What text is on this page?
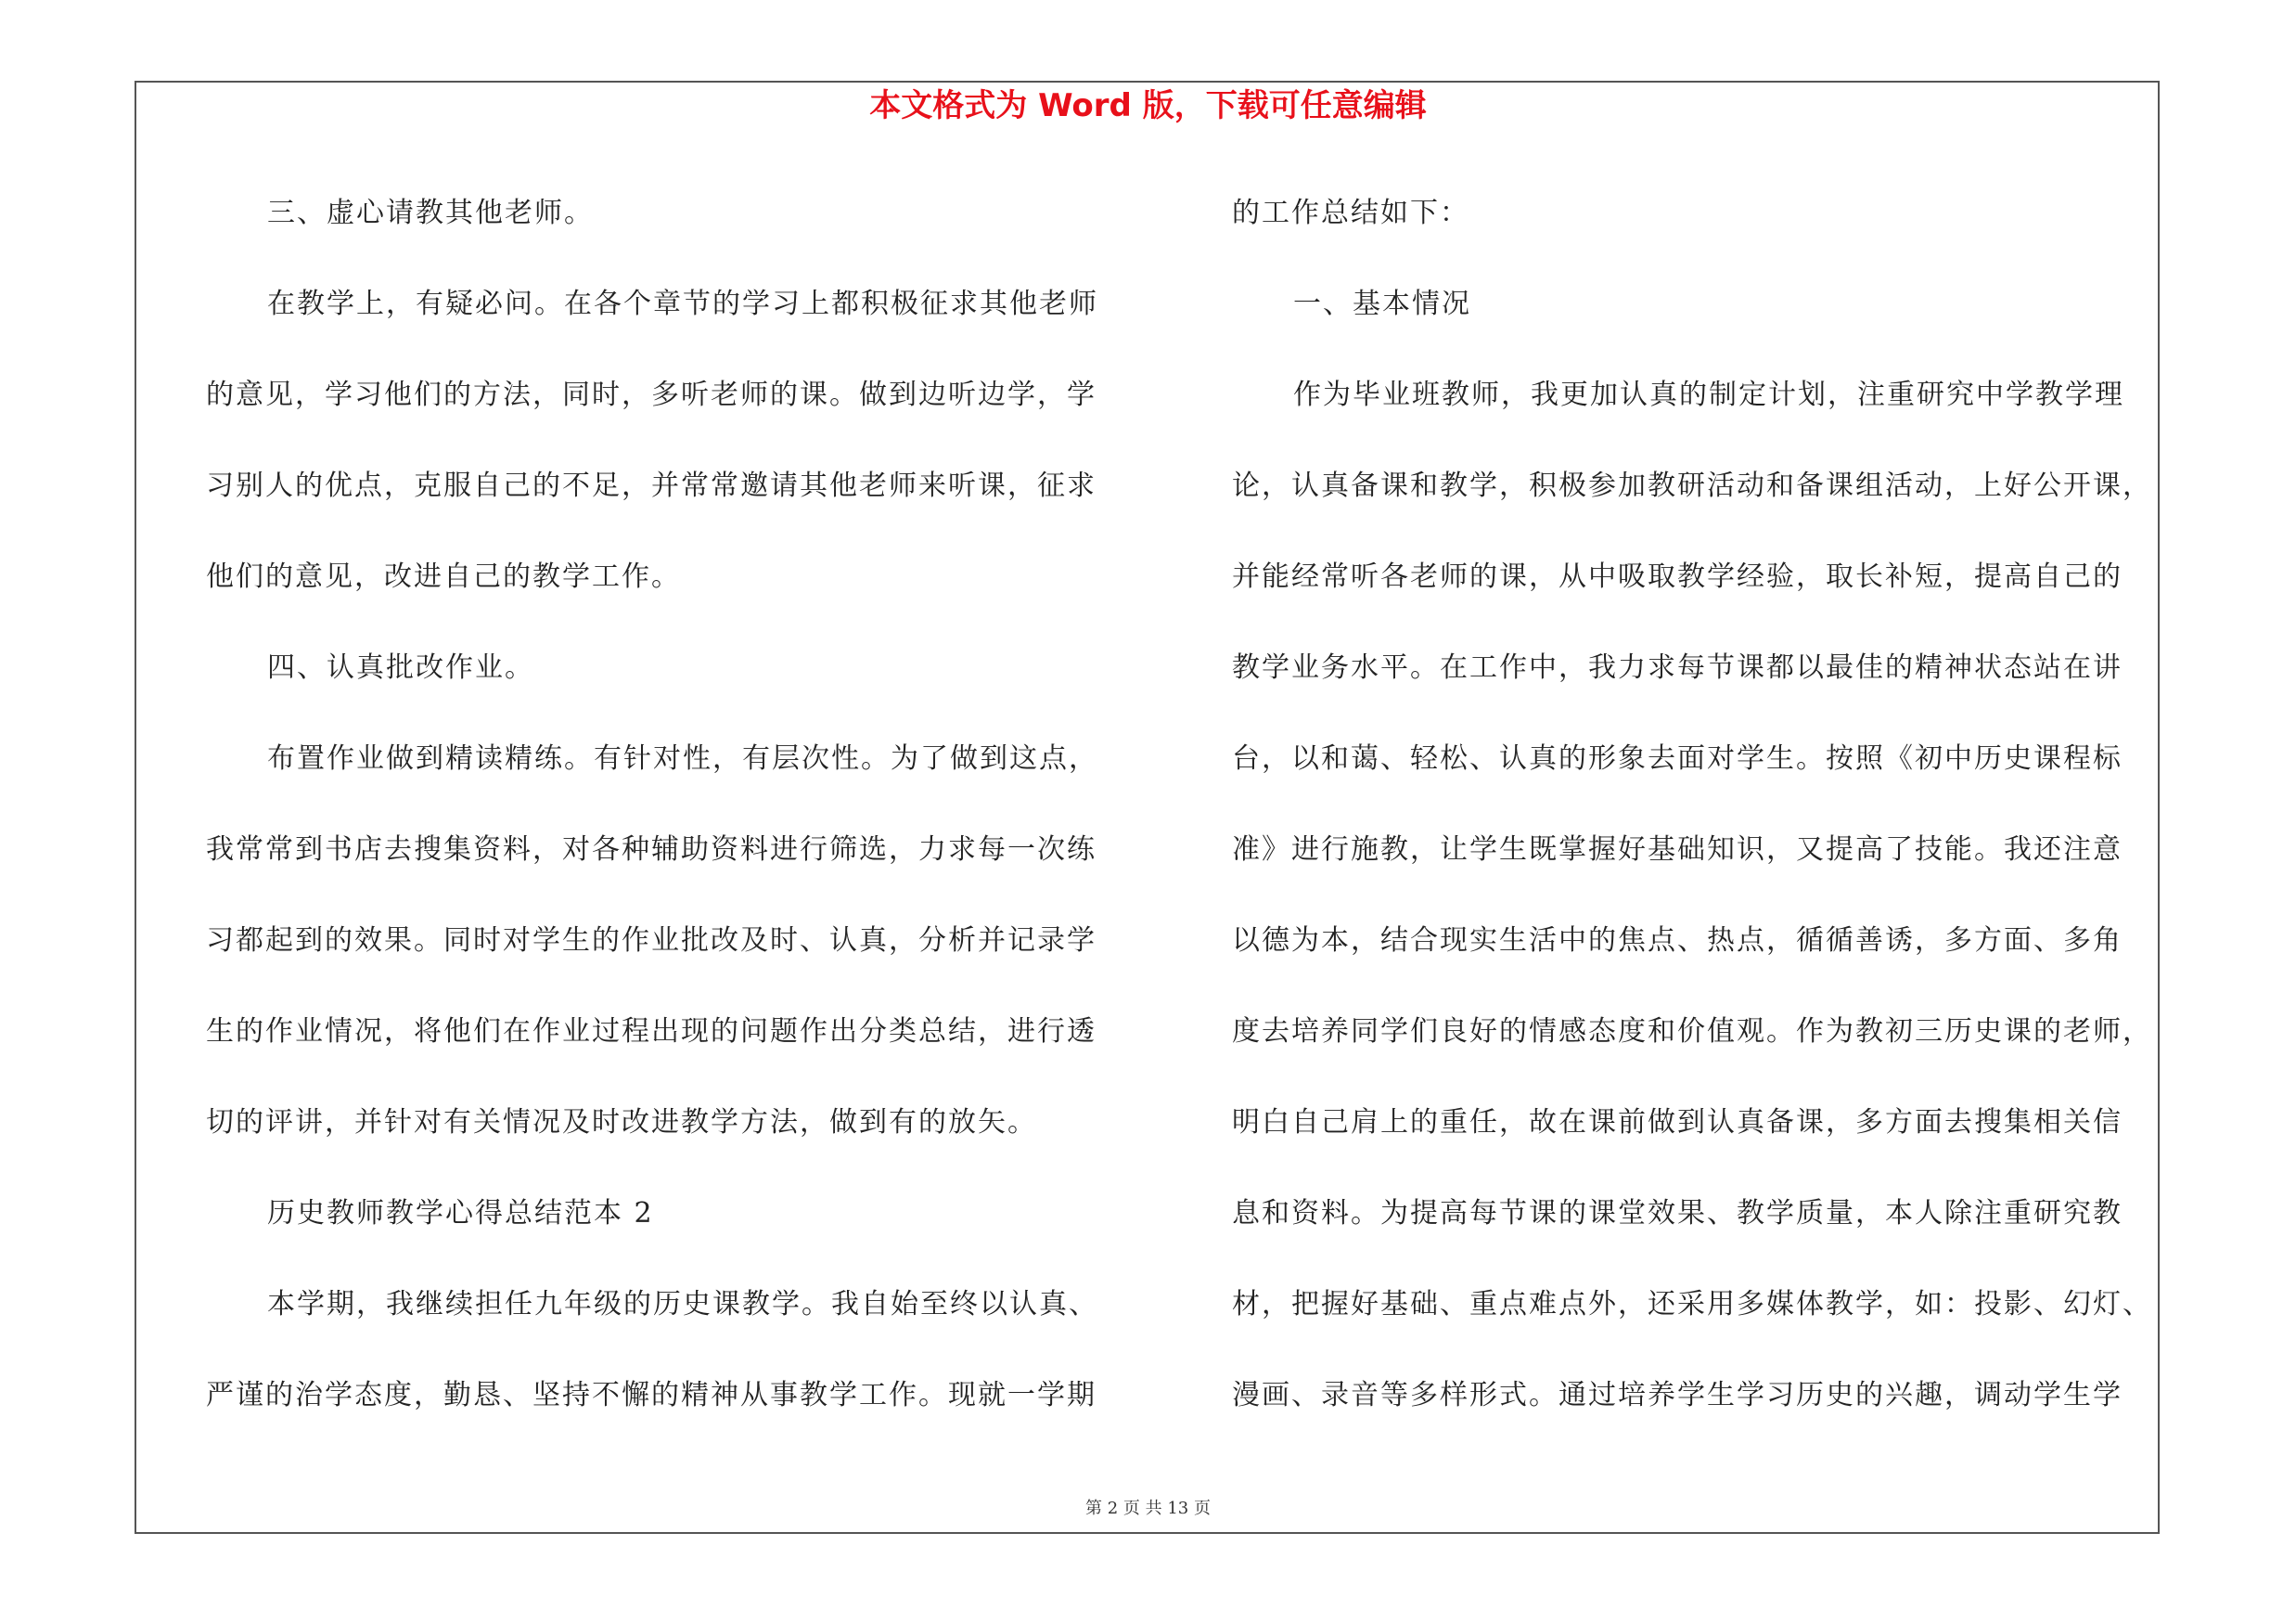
本文格式为 Word 版，下载可任意编辑
三、虚心请教其他老师。
在教学上，有疑必问。在各个章节的学习上都积极征求其他老师
的意见，学习他们的方法，同时，多听老师的课。做到边听边学，学
习别人的优点，克服自己的不足，并常常邀请其他老师来听课，征求
他们的意见，改进自己的教学工作。
四、认真批改作业。
布置作业做到精读精练。有针对性，有层次性。为了做到这点，
我常常到书店去搜集资料，对各种辅助资料进行筛选，力求每一次练
习都起到的效果。同时对学生的作业批改及时、认真，分析并记录学
生的作业情况，将他们在作业过程出现的问题作出分类总结，进行透
切的评讲，并针对有关情况及时改进教学方法，做到有的放矢。
历史教师教学心得总结范本 2
本学期，我继续担任九年级的历史课教学。我自始至终以认真、
严谨的治学态度，勤恳、坚持不懈的精神从事教学工作。现就一学期
的工作总结如下：
一、基本情况
作为毕业班教师，我更加认真的制定计划，注重研究中学教学理
论，认真备课和教学，积极参加教研活动和备课组活动，上好公开课，
并能经常听各老师的课，从中吸取教学经验，取长补短，提高自己的
教学业务水平。在工作中，我力求每节课都以最佳的精神状态站在讲
台，以和蔼、轻松、认真的形象去面对学生。按照《初中历史课程标
准》进行施教，让学生既掌握好基础知识，又提高了技能。我还注意
以德为本，结合现实生活中的焦点、热点，循循善诱，多方面、多角
度去培养同学们良好的情感态度和价值观。作为教初三历史课的老师，
明白自己肩上的重任，故在课前做到认真备课，多方面去搜集相关信
息和资料。为提高每节课的课堂效果、教学质量，本人除注重研究教
材，把握好基础、重点难点外，还采用多媒体教学，如：投影、幻灯、
漫画、录音等多样形式。通过培养学生学习历史的兴趣，调动学生学
第 2 页 共 13 页
